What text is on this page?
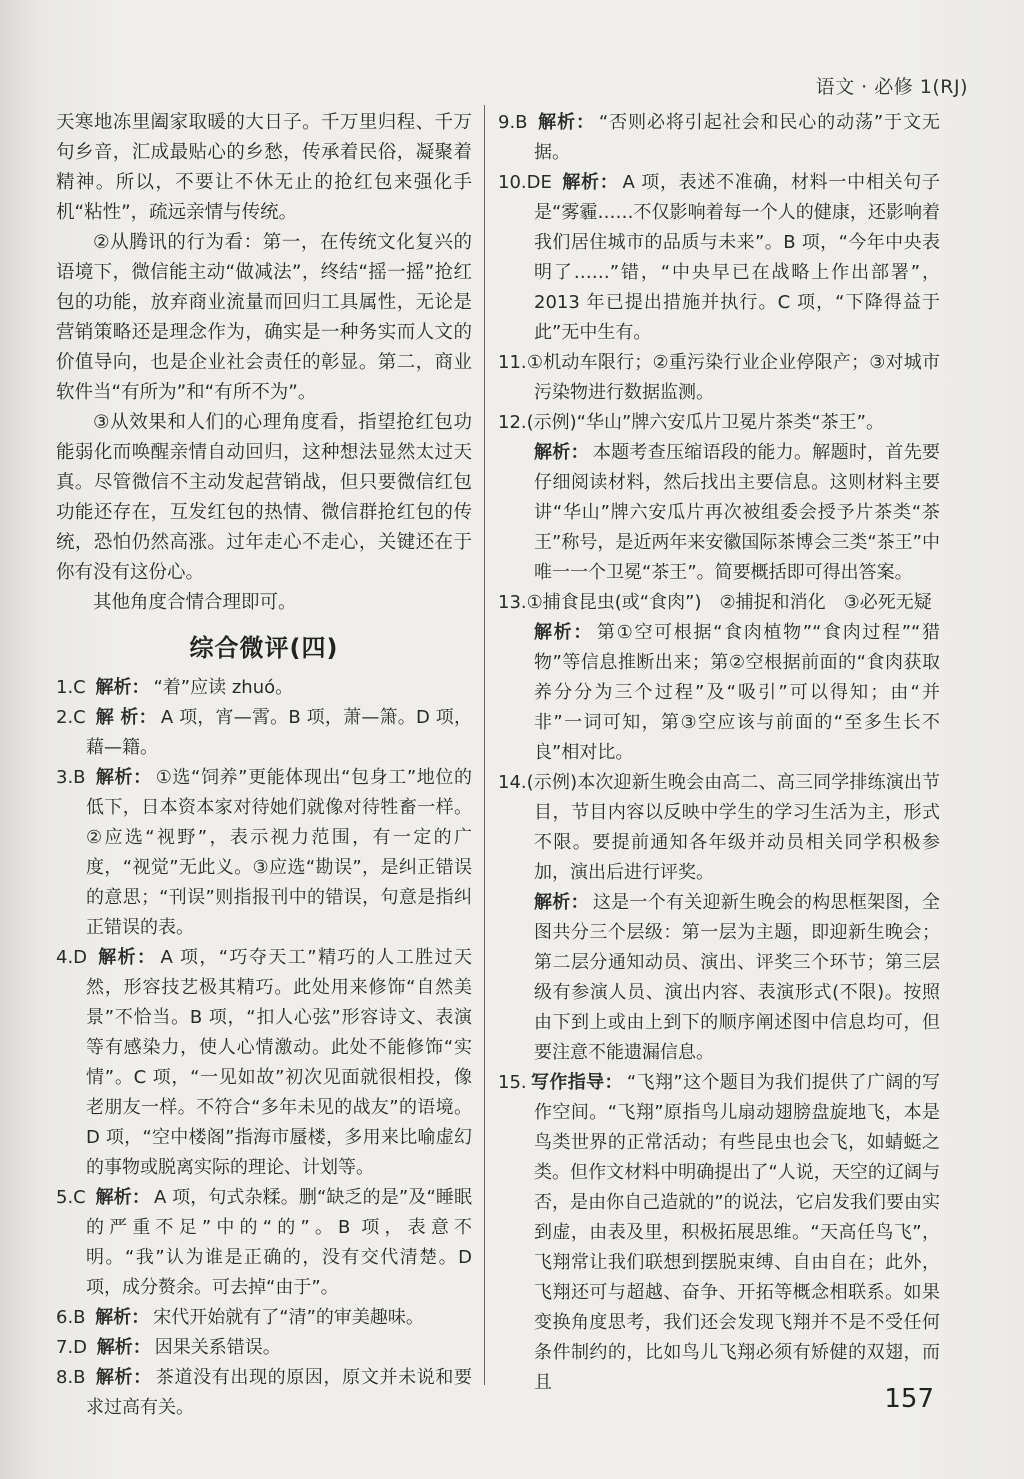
语文 · 必修 1(RJ)

天寒地冻里阖家取暖的大日子。千万里归程、千万句乡音，汇成最贴心的乡愁，传承着民俗，凝聚着精神。所以，不要让不休无止的抢红包来强化手机“粘性”，疏远亲情与传统。

②从腾讯的行为看：第一，在传统文化复兴的语境下，微信能主动“做减法”，终结“摇一摇”抢红包的功能，放弃商业流量而回归工具属性，无论是营销策略还是理念作为，确实是一种务实而人文的价值导向，也是企业社会责任的彰显。第二，商业软件当“有所为”和“有所不为”。

③从效果和人们的心理角度看，指望抢红包功能弱化而唤醒亲情自动回归，这种想法显然太过天真。尽管微信不主动发起营销战，但只要微信红包功能还存在，互发红包的热情、微信群抢红包的传统，恐怕仍然高涨。过年走心不走心，关键还在于你有没有这份心。

其他角度合情合理即可。

综合微评(四)

1.C 解析： “着”应读 zhuó。

2.C 解 析： A 项，宵—霄。B 项，萧—箫。D 项，藉—籍。

3.B 解析： ①选“饲养”更能体现出“包身工”地位的低下，日本资本家对待她们就像对待牲畜一样。②应选“视野”，表示视力范围，有一定的广度，“视觉”无此义。③应选“勘误”，是纠正错误的意思；“刊误”则指报刊中的错误，句意是指纠正错误的表。

4.D 解析： A 项，“巧夺天工”精巧的人工胜过天然，形容技艺极其精巧。此处用来修饰“自然美景”不恰当。B 项，“扣人心弦”形容诗文、表演等有感染力，使人心情激动。此处不能修饰“实情”。C 项，“一见如故”初次见面就很相投，像老朋友一样。不符合“多年未见的战友”的语境。D 项，“空中楼阁”指海市蜃楼，多用来比喻虚幻的事物或脱离实际的理论、计划等。

5.C 解析： A 项，句式杂糅。删“缺乏的是”及“睡眠的严重不足”中的“的”。B 项，表意不明。“我”认为谁是正确的，没有交代清楚。D 项，成分赘余。可去掉“由于”。

6.B 解析： 宋代开始就有了“清”的审美趣味。

7.D 解析： 因果关系错误。

8.B 解析： 茶道没有出现的原因，原文并未说和要求过高有关。

9.B 解析： “否则必将引起社会和民心的动荡”于文无据。

10.DE 解析： A 项，表述不准确，材料一中相关句子是“雾霾……不仅影响着每一个人的健康，还影响着我们居住城市的品质与未来”。B 项，“今年中央表明了……”错，“中央早已在战略上作出部署”，2013 年已提出措施并执行。C 项，“下降得益于此”无中生有。

11.①机动车限行；②重污染行业企业停限产；③对城市污染物进行数据监测。

12.(示例)“华山”牌六安瓜片卫冕片茶类“茶王”。

解析： 本题考查压缩语段的能力。解题时，首先要仔细阅读材料，然后找出主要信息。这则材料主要讲“华山”牌六安瓜片再次被组委会授予片茶类“茶王”称号，是近两年来安徽国际茶博会三类“茶王”中唯一一个卫冕“茶王”。简要概括即可得出答案。

13.①捕食昆虫(或“食肉”)　②捕捉和消化　③必死无疑

解析： 第①空可根据“食肉植物”“食肉过程”“猎物”等信息推断出来；第②空根据前面的“食肉获取养分分为三个过程”及“吸引”可以得知；由“并非”一词可知，第③空应该与前面的“至多生长不良”相对比。

14.(示例)本次迎新生晚会由高二、高三同学排练演出节目，节目内容以反映中学生的学习生活为主，形式不限。要提前通知各年级并动员相关同学积极参加，演出后进行评奖。

解析： 这是一个有关迎新生晚会的构思框架图，全图共分三个层级：第一层为主题，即迎新生晚会；第二层分通知动员、演出、评奖三个环节；第三层级有参演人员、演出内容、表演形式(不限)。按照由下到上或由上到下的顺序阐述图中信息均可，但要注意不能遗漏信息。

15. 写作指导： “飞翔”这个题目为我们提供了广阔的写作空间。“飞翔”原指鸟儿扇动翅膀盘旋地飞，本是鸟类世界的正常活动；有些昆虫也会飞，如蜻蜓之类。但作文材料中明确提出了“人说，天空的辽阔与否，是由你自己造就的”的说法，它启发我们要由实到虚，由表及里，积极拓展思维。“天高任鸟飞”，飞翔常让我们联想到摆脱束缚、自由自在；此外，飞翔还可与超越、奋争、开拓等概念相联系。如果变换角度思考，我们还会发现飞翔并不是不受任何条件制约的，比如鸟儿飞翔必须有矫健的双翅，而且

157
